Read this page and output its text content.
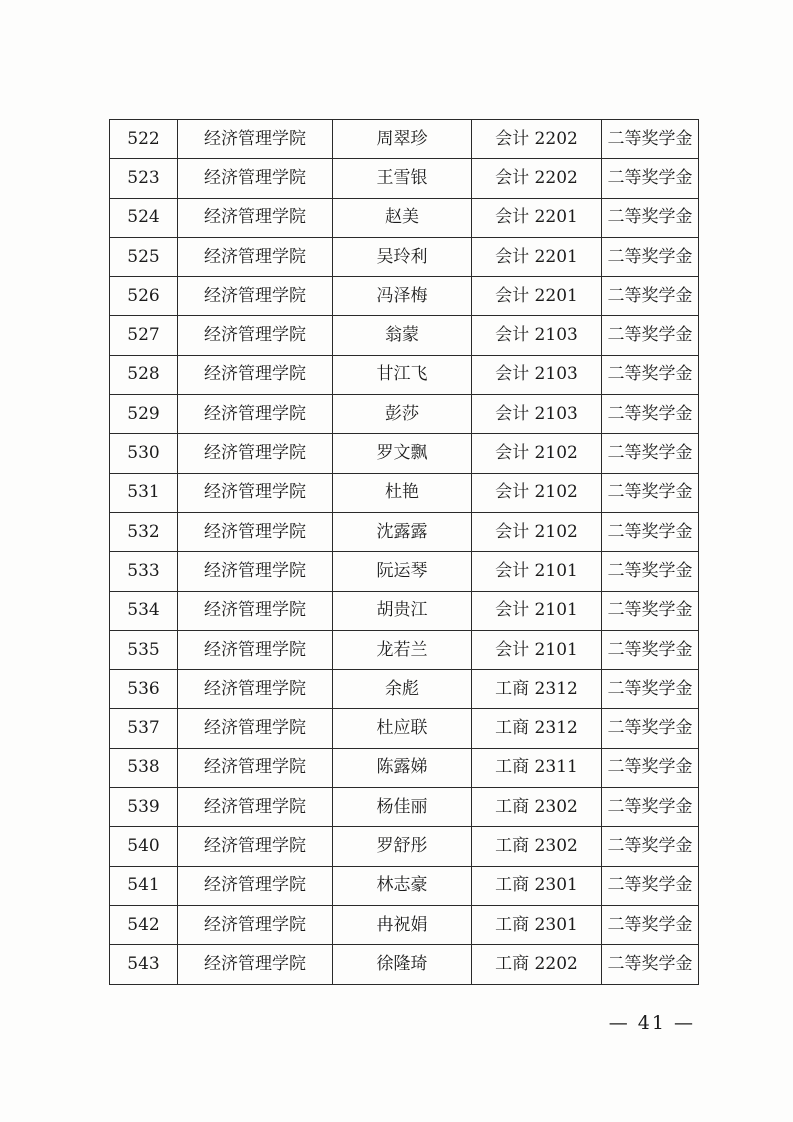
522	经济管理学院	周翠珍	会计 2202	二等奖学金
523	经济管理学院	王雪银	会计 2202	二等奖学金
524	经济管理学院	赵美	会计 2201	二等奖学金
525	经济管理学院	吴玲利	会计 2201	二等奖学金
526	经济管理学院	冯泽梅	会计 2201	二等奖学金
527	经济管理学院	翁蒙	会计 2103	二等奖学金
528	经济管理学院	甘江飞	会计 2103	二等奖学金
529	经济管理学院	彭莎	会计 2103	二等奖学金
530	经济管理学院	罗文飘	会计 2102	二等奖学金
531	经济管理学院	杜艳	会计 2102	二等奖学金
532	经济管理学院	沈露露	会计 2102	二等奖学金
533	经济管理学院	阮运琴	会计 2101	二等奖学金
534	经济管理学院	胡贵江	会计 2101	二等奖学金
535	经济管理学院	龙若兰	会计 2101	二等奖学金
536	经济管理学院	余彪	工商 2312	二等奖学金
537	经济管理学院	杜应联	工商 2312	二等奖学金
538	经济管理学院	陈露娣	工商 2311	二等奖学金
539	经济管理学院	杨佳丽	工商 2302	二等奖学金
540	经济管理学院	罗舒彤	工商 2302	二等奖学金
541	经济管理学院	林志豪	工商 2301	二等奖学金
542	经济管理学院	冉祝娟	工商 2301	二等奖学金
543	经济管理学院	徐隆琦	工商 2202	二等奖学金
— 41 —
